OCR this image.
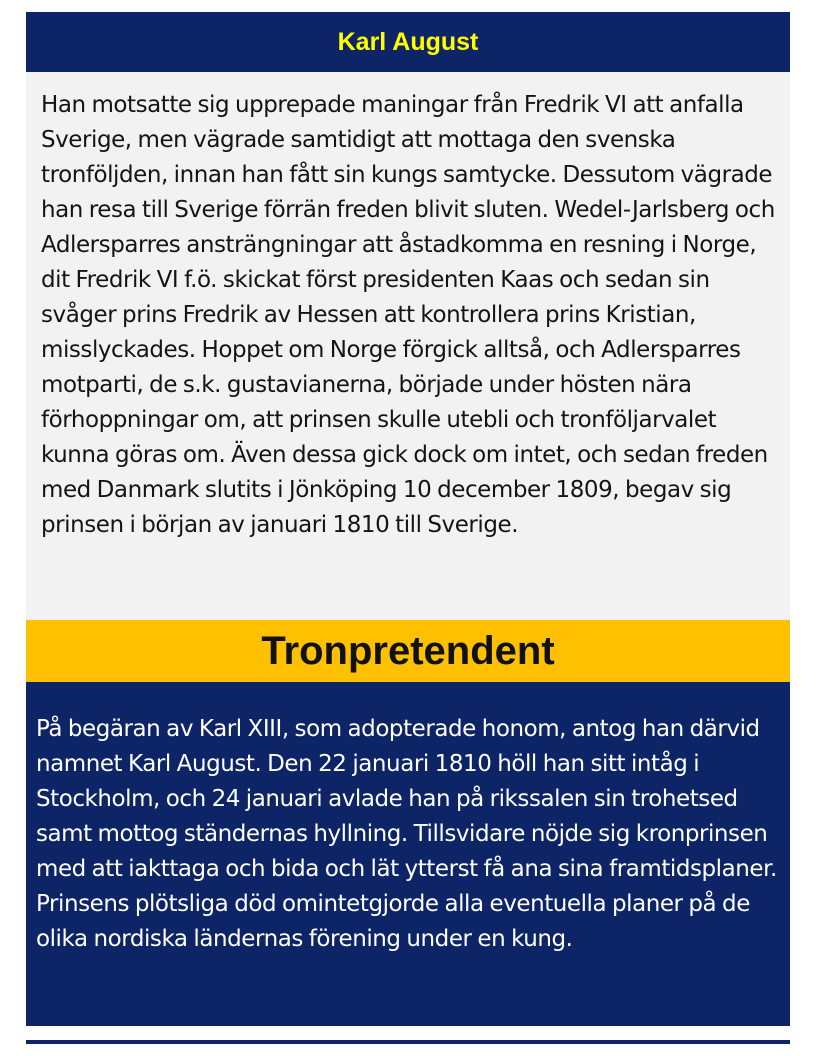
Karl August

Han motsatte sig upprepade maningar från Fredrik VI att anfalla Sverige, men vägrade samtidigt att mottaga den svenska tronföljden, innan han fått sin kungs samtycke. Dessutom vägrade han resa till Sverige förrän freden blivit sluten. Wedel-Jarlsberg och Adlersparres ansträngningar att åstadkomma en resning i Norge, dit Fredrik VI f.ö. skickat först presidenten Kaas och sedan sin svåger prins Fredrik av Hessen att kontrollera prins Kristian, misslyckades. Hoppet om Norge förgick alltså, och Adlersparres motparti, de s.k. gustavianerna, började under hösten nära förhoppningar om, att prinsen skulle utebli och tronföljarvalet kunna göras om. Även dessa gick dock om intet, och sedan freden med Danmark slutits i Jönköping 10 december 1809, begav sig prinsen i början av januari 1810 till Sverige.

Tronpretendent

På begäran av Karl XIII, som adopterade honom, antog han därvid namnet Karl August. Den 22 januari 1810 höll han sitt intåg i Stockholm, och 24 januari avlade han på rikssalen sin trohetsed samt mottog ständernas hyllning. Tillsvidare nöjde sig kronprinsen med att iakttaga och bida och lät ytterst få ana sina framtidsplaner. Prinsens plötsliga död omintetgjorde alla eventuella planer på de olika nordiska ländernas förening under en kung.
